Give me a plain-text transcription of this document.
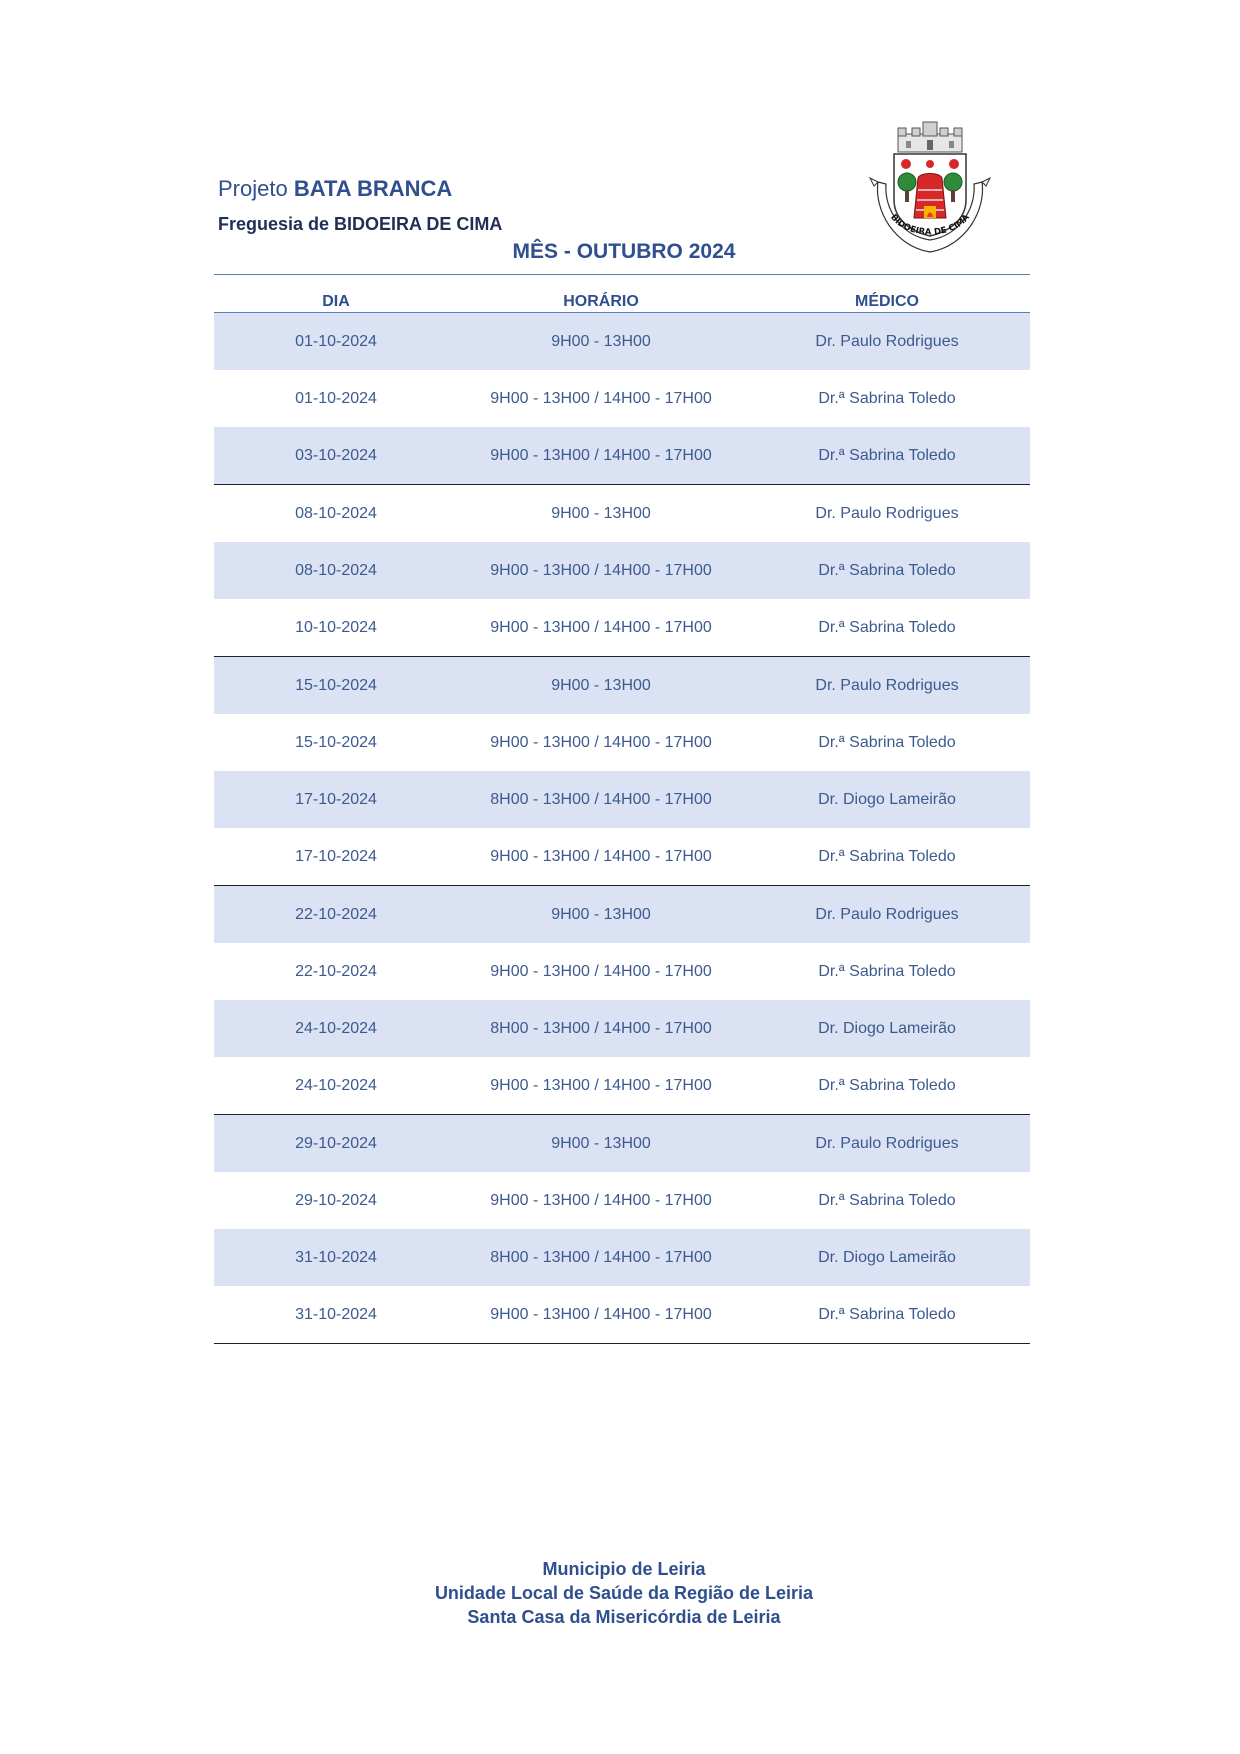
Projeto BATA BRANCA
Freguesia de BIDOEIRA DE CIMA
MÊS - OUTUBRO 2024
BIDOEIRA DE CIMA
DIA	HORÁRIO	MÉDICO
01-10-2024	9H00 - 13H00	Dr. Paulo Rodrigues
01-10-2024	9H00 - 13H00 / 14H00 - 17H00	Dr.ª Sabrina Toledo
03-10-2024	9H00 - 13H00 / 14H00 - 17H00	Dr.ª Sabrina Toledo
08-10-2024	9H00 - 13H00	Dr. Paulo Rodrigues
08-10-2024	9H00 - 13H00 / 14H00 - 17H00	Dr.ª Sabrina Toledo
10-10-2024	9H00 - 13H00 / 14H00 - 17H00	Dr.ª Sabrina Toledo
15-10-2024	9H00 - 13H00	Dr. Paulo Rodrigues
15-10-2024	9H00 - 13H00 / 14H00 - 17H00	Dr.ª Sabrina Toledo
17-10-2024	8H00 - 13H00 / 14H00 - 17H00	Dr. Diogo Lameirão
17-10-2024	9H00 - 13H00 / 14H00 - 17H00	Dr.ª Sabrina Toledo
22-10-2024	9H00 - 13H00	Dr. Paulo Rodrigues
22-10-2024	9H00 - 13H00 / 14H00 - 17H00	Dr.ª Sabrina Toledo
24-10-2024	8H00 - 13H00 / 14H00 - 17H00	Dr. Diogo Lameirão
24-10-2024	9H00 - 13H00 / 14H00 - 17H00	Dr.ª Sabrina Toledo
29-10-2024	9H00 - 13H00	Dr. Paulo Rodrigues
29-10-2024	9H00 - 13H00 / 14H00 - 17H00	Dr.ª Sabrina Toledo
31-10-2024	8H00 - 13H00 / 14H00 - 17H00	Dr. Diogo Lameirão
31-10-2024	9H00 - 13H00 / 14H00 - 17H00	Dr.ª Sabrina Toledo
Municipio de Leiria
Unidade Local de Saúde da Região de Leiria
Santa Casa da Misericórdia de Leiria
